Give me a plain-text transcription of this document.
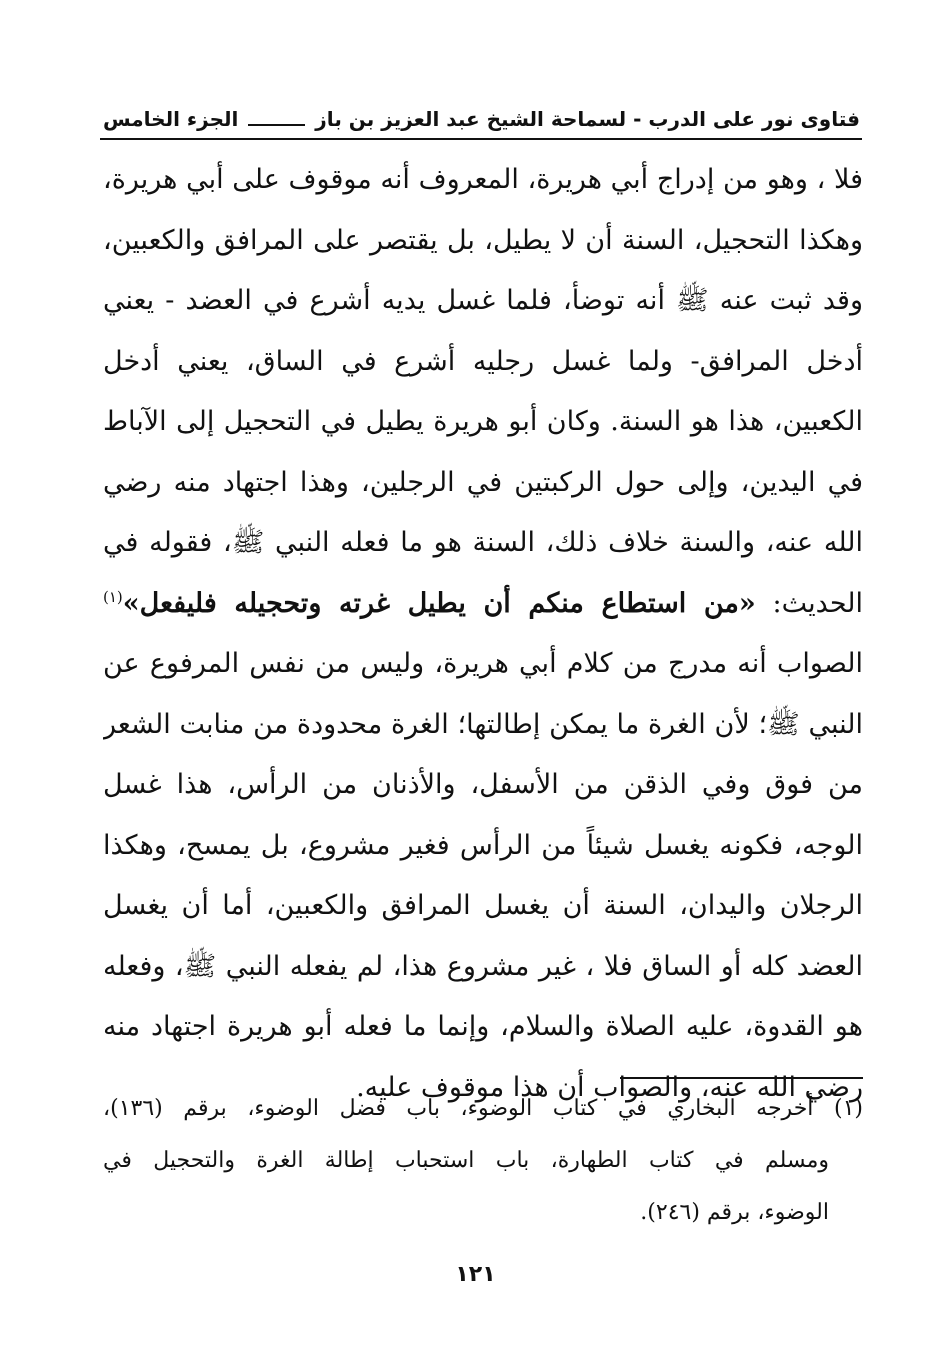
فتاوى نور على الدرب - لسماحة الشيخ عبد العزيز بن باز
الجزء الخامس
فلا ، وهو من إدراج أبي هريرة، المعروف أنه موقوف على أبي هريرة،
وهكذا التحجيل، السنة أن لا يطيل، بل يقتصر على المرافق والكعبين،
وقد ثبت عنه ﷺ أنه توضأ، فلما غسل يديه أشرع في العضد - يعني
أدخل المرافق- ولما غسل رجليه أشرع في الساق، يعني أدخل
الكعبين، هذا هو السنة. وكان أبو هريرة يطيل في التحجيل إلى الآباط
في اليدين، وإلى حول الركبتين في الرجلين، وهذا اجتهاد منه رضي
الله عنه، والسنة خلاف ذلك، السنة هو ما فعله النبي ﷺ، فقوله في
الحديث: «من استطاع منكم أن يطيل غرته وتحجيله فليفعل»$^{(١)}$
الصواب أنه مدرج من كلام أبي هريرة، وليس من نفس المرفوع عن
النبي ﷺ؛ لأن الغرة ما يمكن إطالتها؛ الغرة محدودة من منابت الشعر
من فوق وفي الذقن من الأسفل، والأذنان من الرأس، هذا غسل
الوجه، فكونه يغسل شيئاً من الرأس فغير مشروع، بل يمسح، وهكذا
الرجلان واليدان، السنة أن يغسل المرافق والكعبين، أما أن يغسل
العضد كله أو الساق فلا ، غير مشروع هذا، لم يفعله النبي ﷺ، وفعله
هو القدوة، عليه الصلاة والسلام، وإنما ما فعله أبو هريرة اجتهاد منه
رضي الله عنه، والصواب أن هذا موقوف عليه.
(١) أخرجه البخاري في كتاب الوضوء، باب فضل الوضوء، برقم (١٣٦)،
ومسلم في كتاب الطهارة، باب استحباب إطالة الغرة والتحجيل في
الوضوء، برقم (٢٤٦).
١٢١
